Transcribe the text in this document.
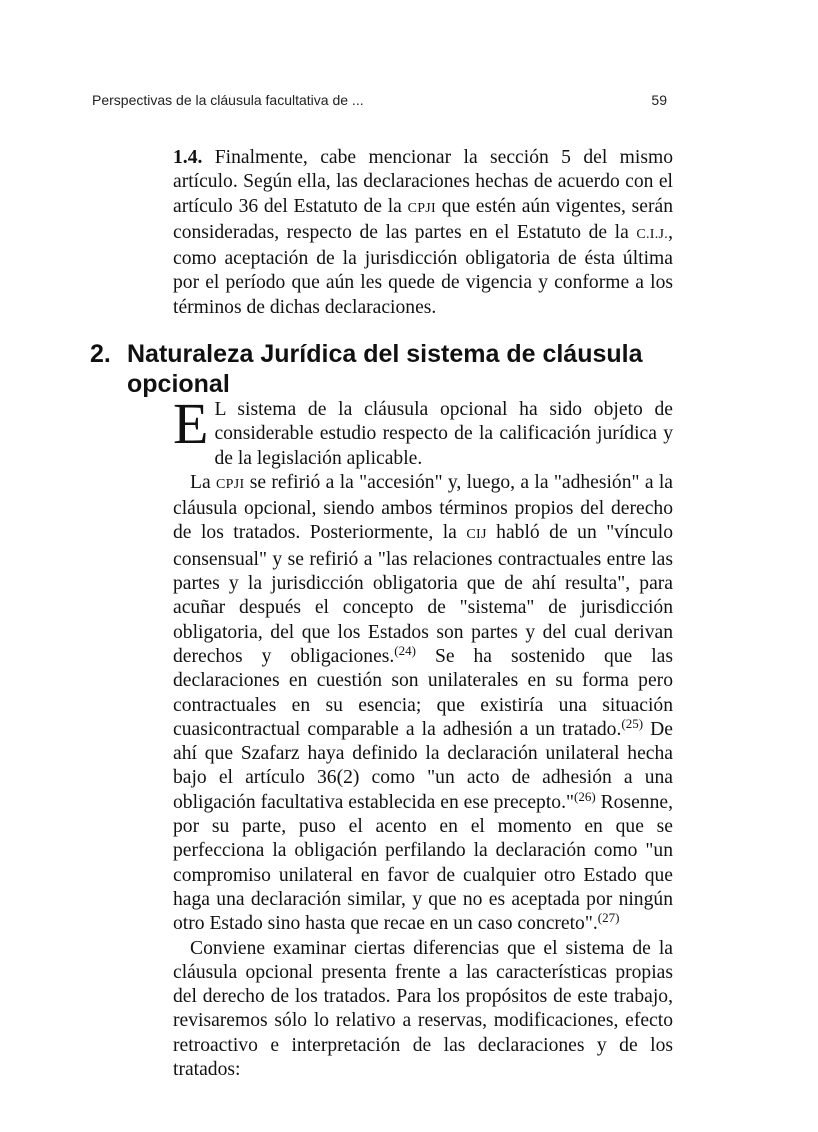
Perspectivas de la cláusula facultativa de ...	59

1.4. Finalmente, cabe mencionar la sección 5 del mismo artículo. Según ella, las declaraciones hechas de acuerdo con el artículo 36 del Estatuto de la CPJI que estén aún vigentes, serán consideradas, respecto de las partes en el Estatuto de la C.I.J., como aceptación de la jurisdicción obligatoria de ésta última por el período que aún les quede de vigencia y conforme a los términos de dichas declaraciones.

2. Naturaleza Jurídica del sistema de cláusula opcional

E L sistema de la cláusula opcional ha sido objeto de considerable estudio respecto de la calificación jurídica y de la legislación aplicable.

La CPJI se refirió a la "accesión" y, luego, a la "adhesión" a la cláusula opcional, siendo ambos términos propios del derecho de los tratados. Posteriormente, la CIJ habló de un "vínculo consensual" y se refirió a "las relaciones contractuales entre las partes y la jurisdicción obligatoria que de ahí resulta", para acuñar después el concepto de "sistema" de jurisdicción obligatoria, del que los Estados son partes y del cual derivan derechos y obligaciones.$^{(24)}$ Se ha sostenido que las declaraciones en cuestión son unilaterales en su forma pero contractuales en su esencia; que existiría una situación cuasicontractual comparable a la adhesión a un tratado.$^{(25)}$ De ahí que Szafarz haya definido la declaración unilateral hecha bajo el artículo 36(2) como "un acto de adhesión a una obligación facultativa establecida en ese precepto."$^{(26)}$ Rosenne, por su parte, puso el acento en el momento en que se perfecciona la obligación perfilando la declaración como "un compromiso unilateral en favor de cualquier otro Estado que haga una declaración similar, y que no es aceptada por ningún otro Estado sino hasta que recae en un caso concreto".$^{(27)}$

Conviene examinar ciertas diferencias que el sistema de la cláusula opcional presenta frente a las características propias del derecho de los tratados. Para los propósitos de este trabajo, revisaremos sólo lo relativo a reservas, modificaciones, efecto retroactivo e interpretación de las declaraciones y de los tratados:
